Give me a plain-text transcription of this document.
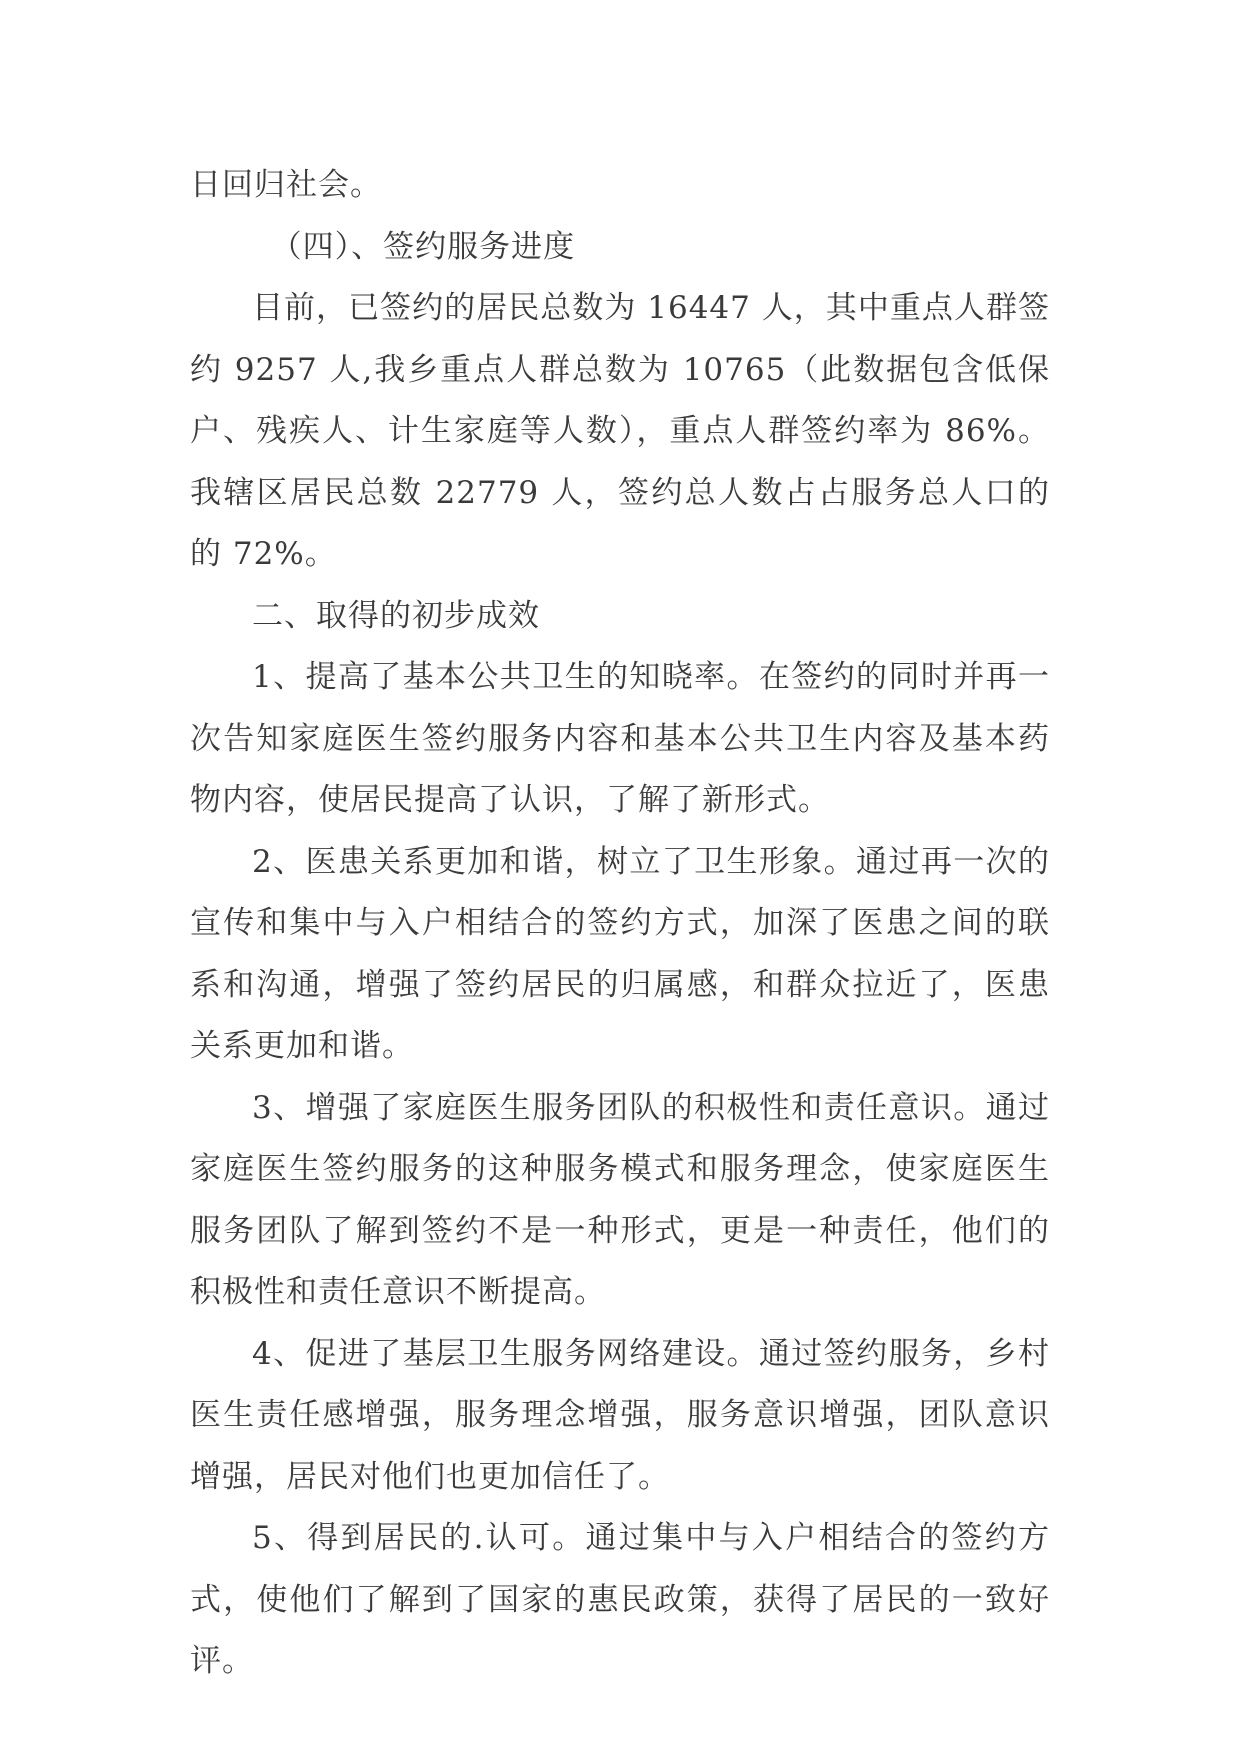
日回归社会。

（四）、签约服务进度

目前，已签约的居民总数为 16447 人，其中重点人群签约 9257 人,我乡重点人群总数为 10765（此数据包含低保户、残疾人、计生家庭等人数），重点人群签约率为 86%。我辖区居民总数 22779 人，签约总人数占占服务总人口的的 72%。

二、取得的初步成效

1、提高了基本公共卫生的知晓率。在签约的同时并再一次告知家庭医生签约服务内容和基本公共卫生内容及基本药物内容，使居民提高了认识，了解了新形式。

2、医患关系更加和谐，树立了卫生形象。通过再一次的宣传和集中与入户相结合的签约方式，加深了医患之间的联系和沟通，增强了签约居民的归属感，和群众拉近了，医患关系更加和谐。

3、增强了家庭医生服务团队的积极性和责任意识。通过家庭医生签约服务的这种服务模式和服务理念，使家庭医生服务团队了解到签约不是一种形式，更是一种责任，他们的积极性和责任意识不断提高。

4、促进了基层卫生服务网络建设。通过签约服务，乡村医生责任感增强，服务理念增强，服务意识增强，团队意识增强，居民对他们也更加信任了。

5、得到居民的.认可。通过集中与入户相结合的签约方式，使他们了解到了国家的惠民政策，获得了居民的一致好评。
